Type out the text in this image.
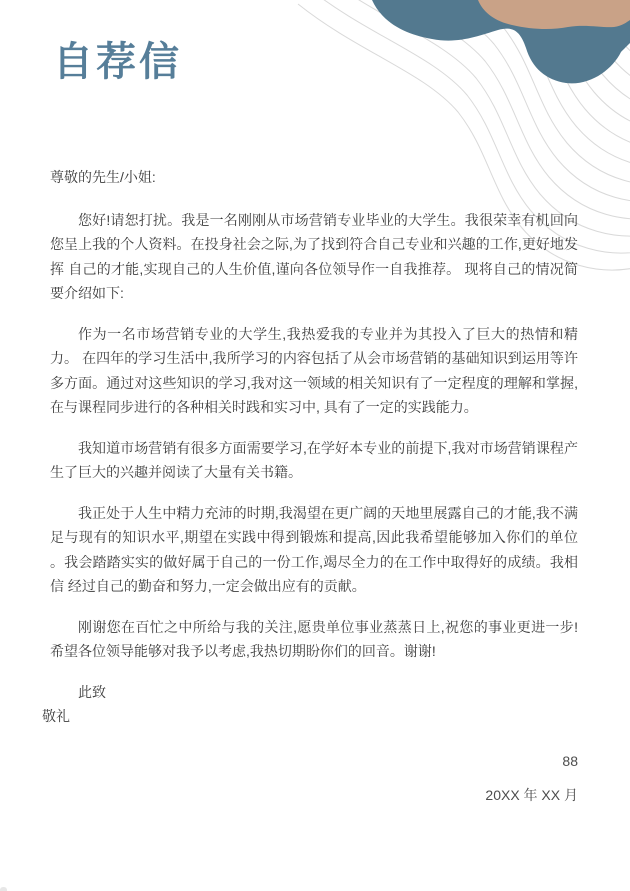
自荐信

尊敬的先生/小姐:

您好!请恕打扰。我是一名刚刚从市场营销专业毕业的大学生。我很荣幸有机回向您呈上我的个人资料。在投身社会之际,为了找到符合自己专业和兴趣的工作,更好地发挥 自己的才能,实现自己的人生价值,谨向各位领导作一自我推荐。 现将自己的情况简要介绍如下:

作为一名市场营销专业的大学生,我热爱我的专业并为其投入了巨大的热情和精力。 在四年的学习生活中,我所学习的内容包括了从会市场营销的基础知识到运用等许多方面。通过对这些知识的学习,我对这一领域的相关知识有了一定程度的理解和掌握,在与课程同步进行的各种相关时践和实习中, 具有了一定的实践能力。

我知道市场营销有很多方面需要学习,在学好本专业的前提下,我对市场营销课程产生了巨大的兴趣并阅读了大量有关书籍。

我正处于人生中精力充沛的时期,我渴望在更广阔的天地里展露自己的才能,我不满足与现有的知识水平,期望在实践中得到锻炼和提高,因此我希望能够加入你们的单位 。我会踏踏实实的做好属于自己的一份工作,竭尽全力的在工作中取得好的成绩。我相信 经过自己的勤奋和努力,一定会做出应有的贡献。

刚谢您在百忙之中所给与我的关注,愿贵单位事业蒸蒸日上,祝您的事业更进一步! 希望各位领导能够对我予以考虑,我热切期盼你们的回音。谢谢!

此致

敬礼

88

20XX 年 XX 月
